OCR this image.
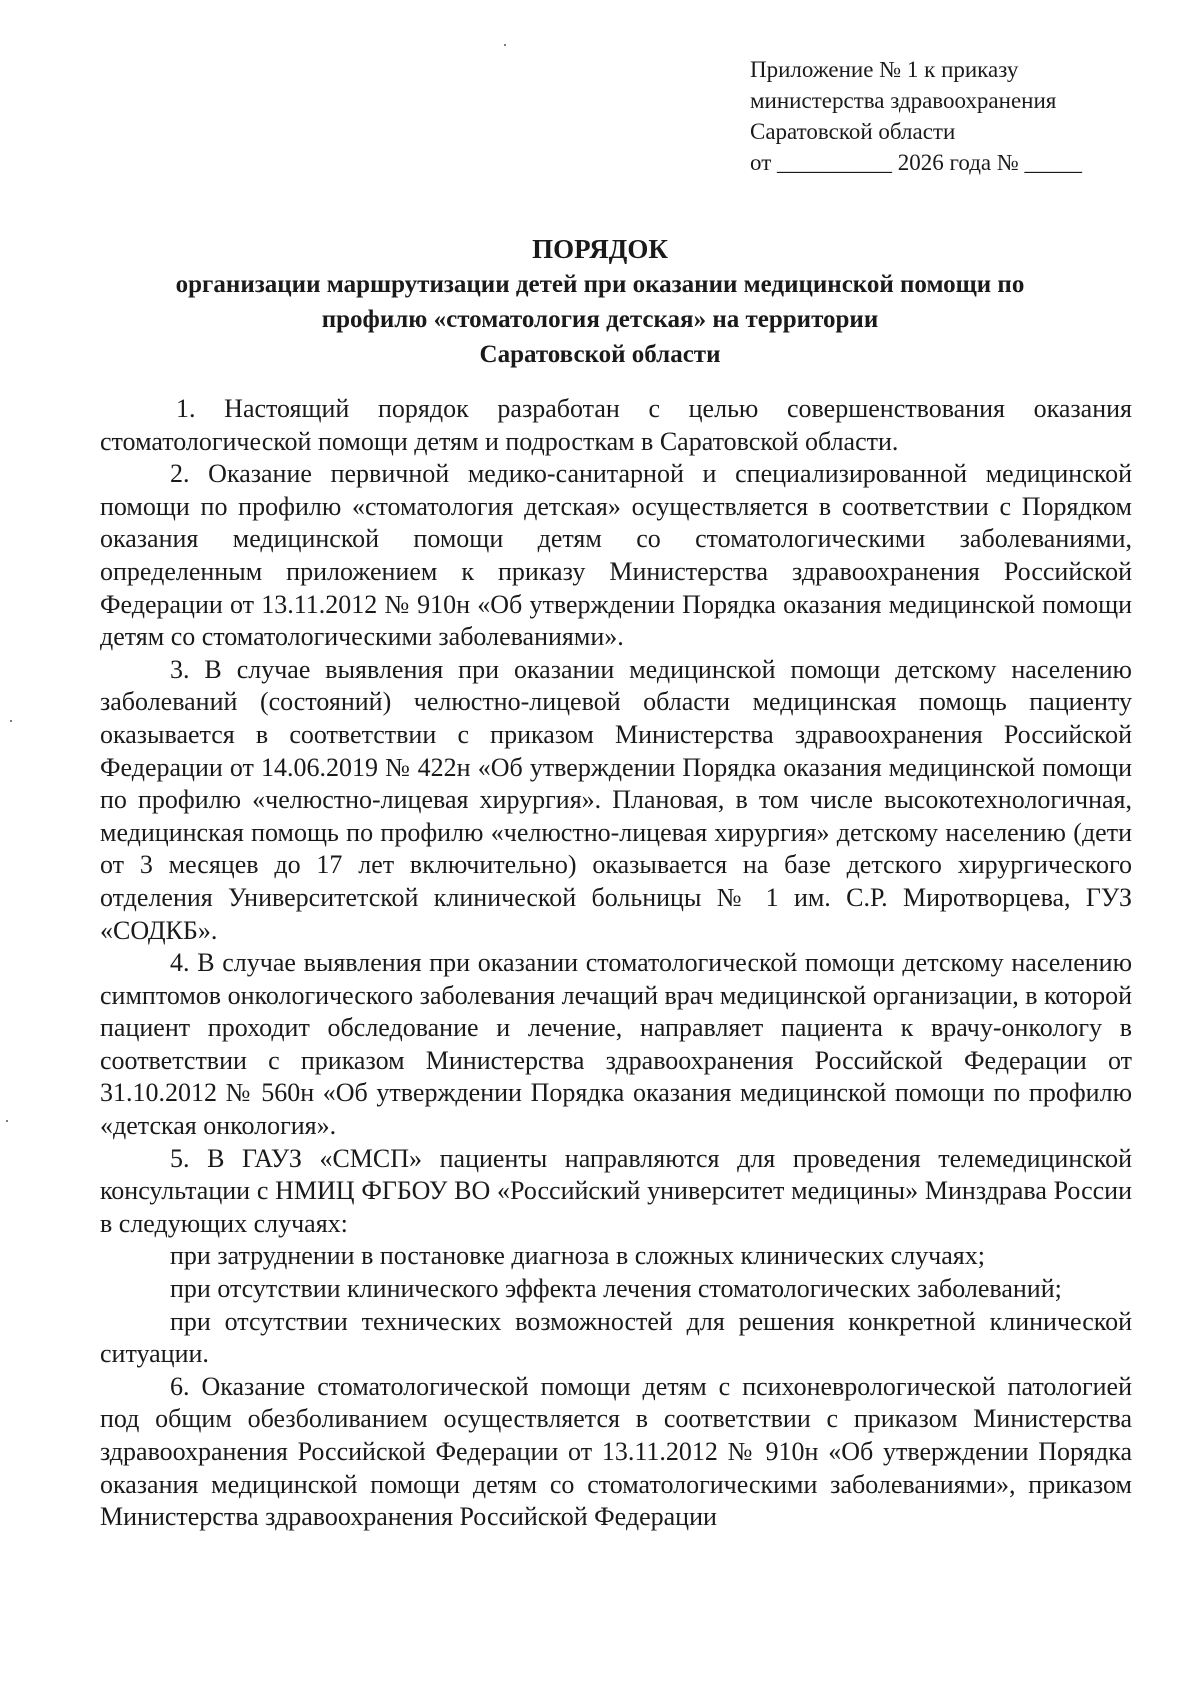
Приложение № 1 к приказу
министерства здравоохранения
Саратовской области
от __________ 2026 года № _____
ПОРЯДОК
организации маршрутизации детей при оказании медицинской помощи по
профилю «стоматология детская» на территории
Саратовской области

1. Настоящий порядок разработан с целью совершенствования оказания стоматологической помощи детям и подросткам в Саратовской области.

2. Оказание первичной медико-санитарной и специализированной медицинской помощи по профилю «стоматология детская» осуществляется в соответствии с Порядком оказания медицинской помощи детям со стоматологическими заболеваниями, определенным приложением к приказу Министерства здравоохранения Российской Федерации от 13.11.2012 № 910н «Об утверждении Порядка оказания медицинской помощи детям со стоматологическими заболеваниями».

3. В случае выявления при оказании медицинской помощи детскому населению заболеваний (состояний) челюстно-лицевой области медицинская помощь пациенту оказывается в соответствии с приказом Министерства здравоохранения Российской Федерации от 14.06.2019 № 422н «Об утверждении Порядка оказания медицинской помощи по профилю «челюстно-лицевая хирургия». Плановая, в том числе высокотехнологичная, медицинская помощь по профилю «челюстно-лицевая хирургия» детскому населению (дети от 3 месяцев до 17 лет включительно) оказывается на базе детского хирургического отделения Университетской клинической больницы № 1 им. С.Р. Миротворцева, ГУЗ «СОДКБ».

4. В случае выявления при оказании стоматологической помощи детскому населению симптомов онкологического заболевания лечащий врач медицинской организации, в которой пациент проходит обследование и лечение, направляет пациента к врачу-онкологу в соответствии с приказом Министерства здравоохранения Российской Федерации от 31.10.2012 № 560н «Об утверждении Порядка оказания медицинской помощи по профилю «детская онкология».

5. В ГАУЗ «СМСП» пациенты направляются для проведения телемедицинской консультации с НМИЦ ФГБОУ ВО «Российский университет медицины» Минздрава России в следующих случаях:

при затруднении в постановке диагноза в сложных клинических случаях;

при отсутствии клинического эффекта лечения стоматологических заболеваний;

при отсутствии технических возможностей для решения конкретной клинической ситуации.

6. Оказание стоматологической помощи детям с психоневрологической патологией под общим обезболиванием осуществляется в соответствии с приказом Министерства здравоохранения Российской Федерации от 13.11.2012 № 910н «Об утверждении Порядка оказания медицинской помощи детям со стоматологическими заболеваниями», приказом Министерства здравоохранения Российской Федерации
